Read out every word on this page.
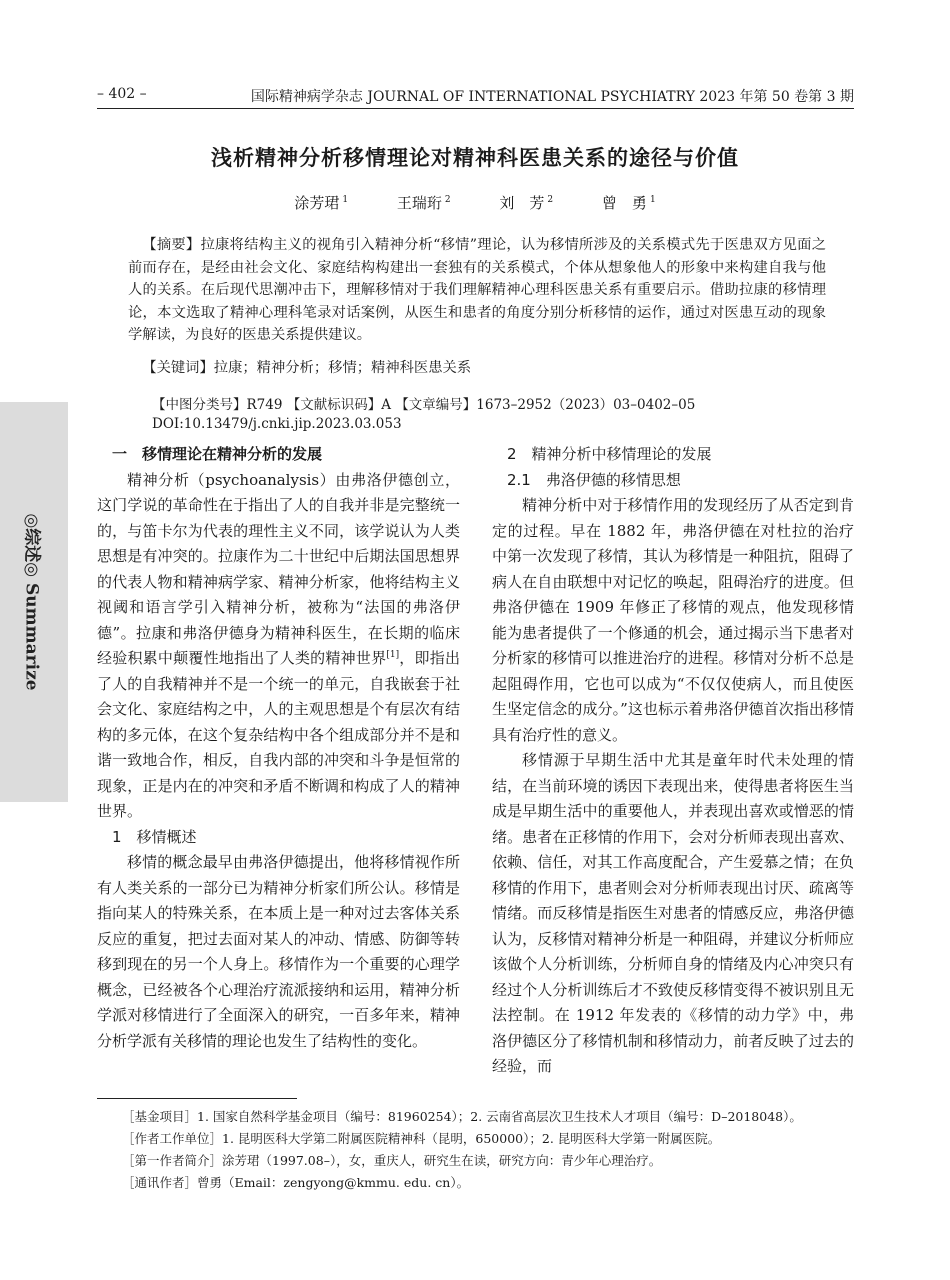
– 402 –	国际精神病学杂志 JOURNAL OF INTERNATIONAL PSYCHIATRY 2023 年第 50 卷第 3 期
浅析精神分析移情理论对精神科医患关系的途径与价值
涂芳珺 $^1$	王瑞珩 $^2$	刘　芳 $^2$	曾　勇 $^1$

【摘要】拉康将结构主义的视角引入精神分析“移情”理论，认为移情所涉及的关系模式先于医患双方见面之前而存在，是经由社会文化、家庭结构构建出一套独有的关系模式，个体从想象他人的形象中来构建自我与他人的关系。在后现代思潮冲击下，理解移情对于我们理解精神心理科医患关系有重要启示。借助拉康的移情理论，本文选取了精神心理科笔录对话案例，从医生和患者的角度分别分析移情的运作，通过对医患互动的现象学解读，为良好的医患关系提供建议。

【关键词】拉康；精神分析；移情；精神科医患关系

【中图分类号】R749 【文献标识码】A 【文章编号】1673–2952（2023）03–0402–05
DOI:10.13479/j.cnki.jip.2023.03.053
◎综述◎ Summarize

一　移情理论在精神分析的发展

精神分析（psychoanalysis）由弗洛伊德创立，这门学说的革命性在于指出了人的自我并非是完整统一的，与笛卡尔为代表的理性主义不同，该学说认为人类思想是有冲突的。拉康作为二十世纪中后期法国思想界的代表人物和精神病学家、精神分析家，他将结构主义视阈和语言学引入精神分析，被称为“法国的弗洛伊德”。拉康和弗洛伊德身为精神科医生，在长期的临床经验积累中颠覆性地指出了人类的精神世界[1]，即指出了人的自我精神并不是一个统一的单元，自我嵌套于社会文化、家庭结构之中，人的主观思想是个有层次有结构的多元体，在这个复杂结构中各个组成部分并不是和谐一致地合作，相反，自我内部的冲突和斗争是恒常的现象，正是内在的冲突和矛盾不断调和构成了人的精神世界。

1　移情概述

移情的概念最早由弗洛伊德提出，他将移情视作所有人类关系的一部分已为精神分析家们所公认。移情是指向某人的特殊关系，在本质上是一种对过去客体关系反应的重复，把过去面对某人的冲动、情感、防御等转移到现在的另一个人身上。移情作为一个重要的心理学概念，已经被各个心理治疗流派接纳和运用，精神分析学派对移情进行了全面深入的研究，一百多年来，精神分析学派有关移情的理论也发生了结构性的变化。

2　精神分析中移情理论的发展

2.1　弗洛伊德的移情思想

精神分析中对于移情作用的发现经历了从否定到肯定的过程。早在 1882 年，弗洛伊德在对杜拉的治疗中第一次发现了移情，其认为移情是一种阻抗，阻碍了病人在自由联想中对记忆的唤起，阻碍治疗的进度。但弗洛伊德在 1909 年修正了移情的观点，他发现移情能为患者提供了一个修通的机会，通过揭示当下患者对分析家的移情可以推进治疗的进程。移情对分析不总是起阻碍作用，它也可以成为“不仅仅使病人，而且使医生坚定信念的成分。”这也标示着弗洛伊德首次指出移情具有治疗性的意义。

移情源于早期生活中尤其是童年时代未处理的情结，在当前环境的诱因下表现出来，使得患者将医生当成是早期生活中的重要他人，并表现出喜欢或憎恶的情绪。患者在正移情的作用下，会对分析师表现出喜欢、依赖、信任，对其工作高度配合，产生爱慕之情；在负移情的作用下，患者则会对分析师表现出讨厌、疏离等情绪。而反移情是指医生对患者的情感反应，弗洛伊德认为，反移情对精神分析是一种阻碍，并建议分析师应该做个人分析训练，分析师自身的情绪及内心冲突只有经过个人分析训练后才不致使反移情变得不被识别且无法控制。在 1912 年发表的《移情的动力学》中，弗洛伊德区分了移情机制和移情动力，前者反映了过去的经验，而

［基金项目］1. 国家自然科学基金项目（编号：81960254）；2. 云南省高层次卫生技术人才项目（编号：D–2018048）。
［作者工作单位］1. 昆明医科大学第二附属医院精神科（昆明，650000）；2. 昆明医科大学第一附属医院。
［第一作者简介］涂芳珺（1997.08–），女，重庆人，研究生在读，研究方向：青少年心理治疗。
［通讯作者］曾勇（Email：zengyong@kmmu. edu. cn）。
